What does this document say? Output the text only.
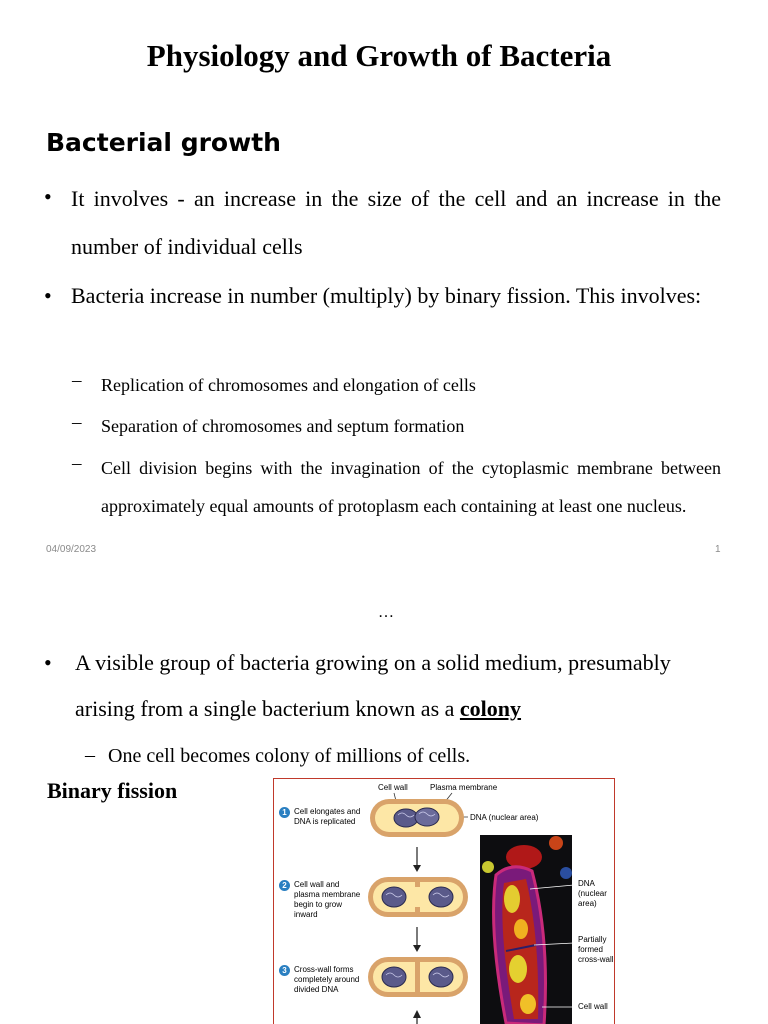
Physiology and Growth of Bacteria
Bacterial growth
• It involves - an increase in the size of the cell and an increase in the number of individual cells
• Bacteria increase in number (multiply) by binary fission. This involves:
– Replication of chromosomes and elongation of cells
– Separation of chromosomes and septum formation
– Cell division begins with the invagination of the cytoplasmic membrane between approximately equal amounts of protoplasm each containing at least one nucleus.
04/09/2023	1
…
• A visible group of bacteria growing on a solid medium, presumably arising from a single bacterium known as a colony
– One cell becomes colony of millions of cells.
Binary fission	Cell wall	Plasma membrane
DNA (nuclear area)
1 Cell elongates and
DNA is replicated
2 Cell wall and
plasma membrane
begin to grow
inward
3 Cross-wall forms
completely around
divided DNA
DNA
(nuclear
area)
Partially
formed
cross-wall
Cell wall
